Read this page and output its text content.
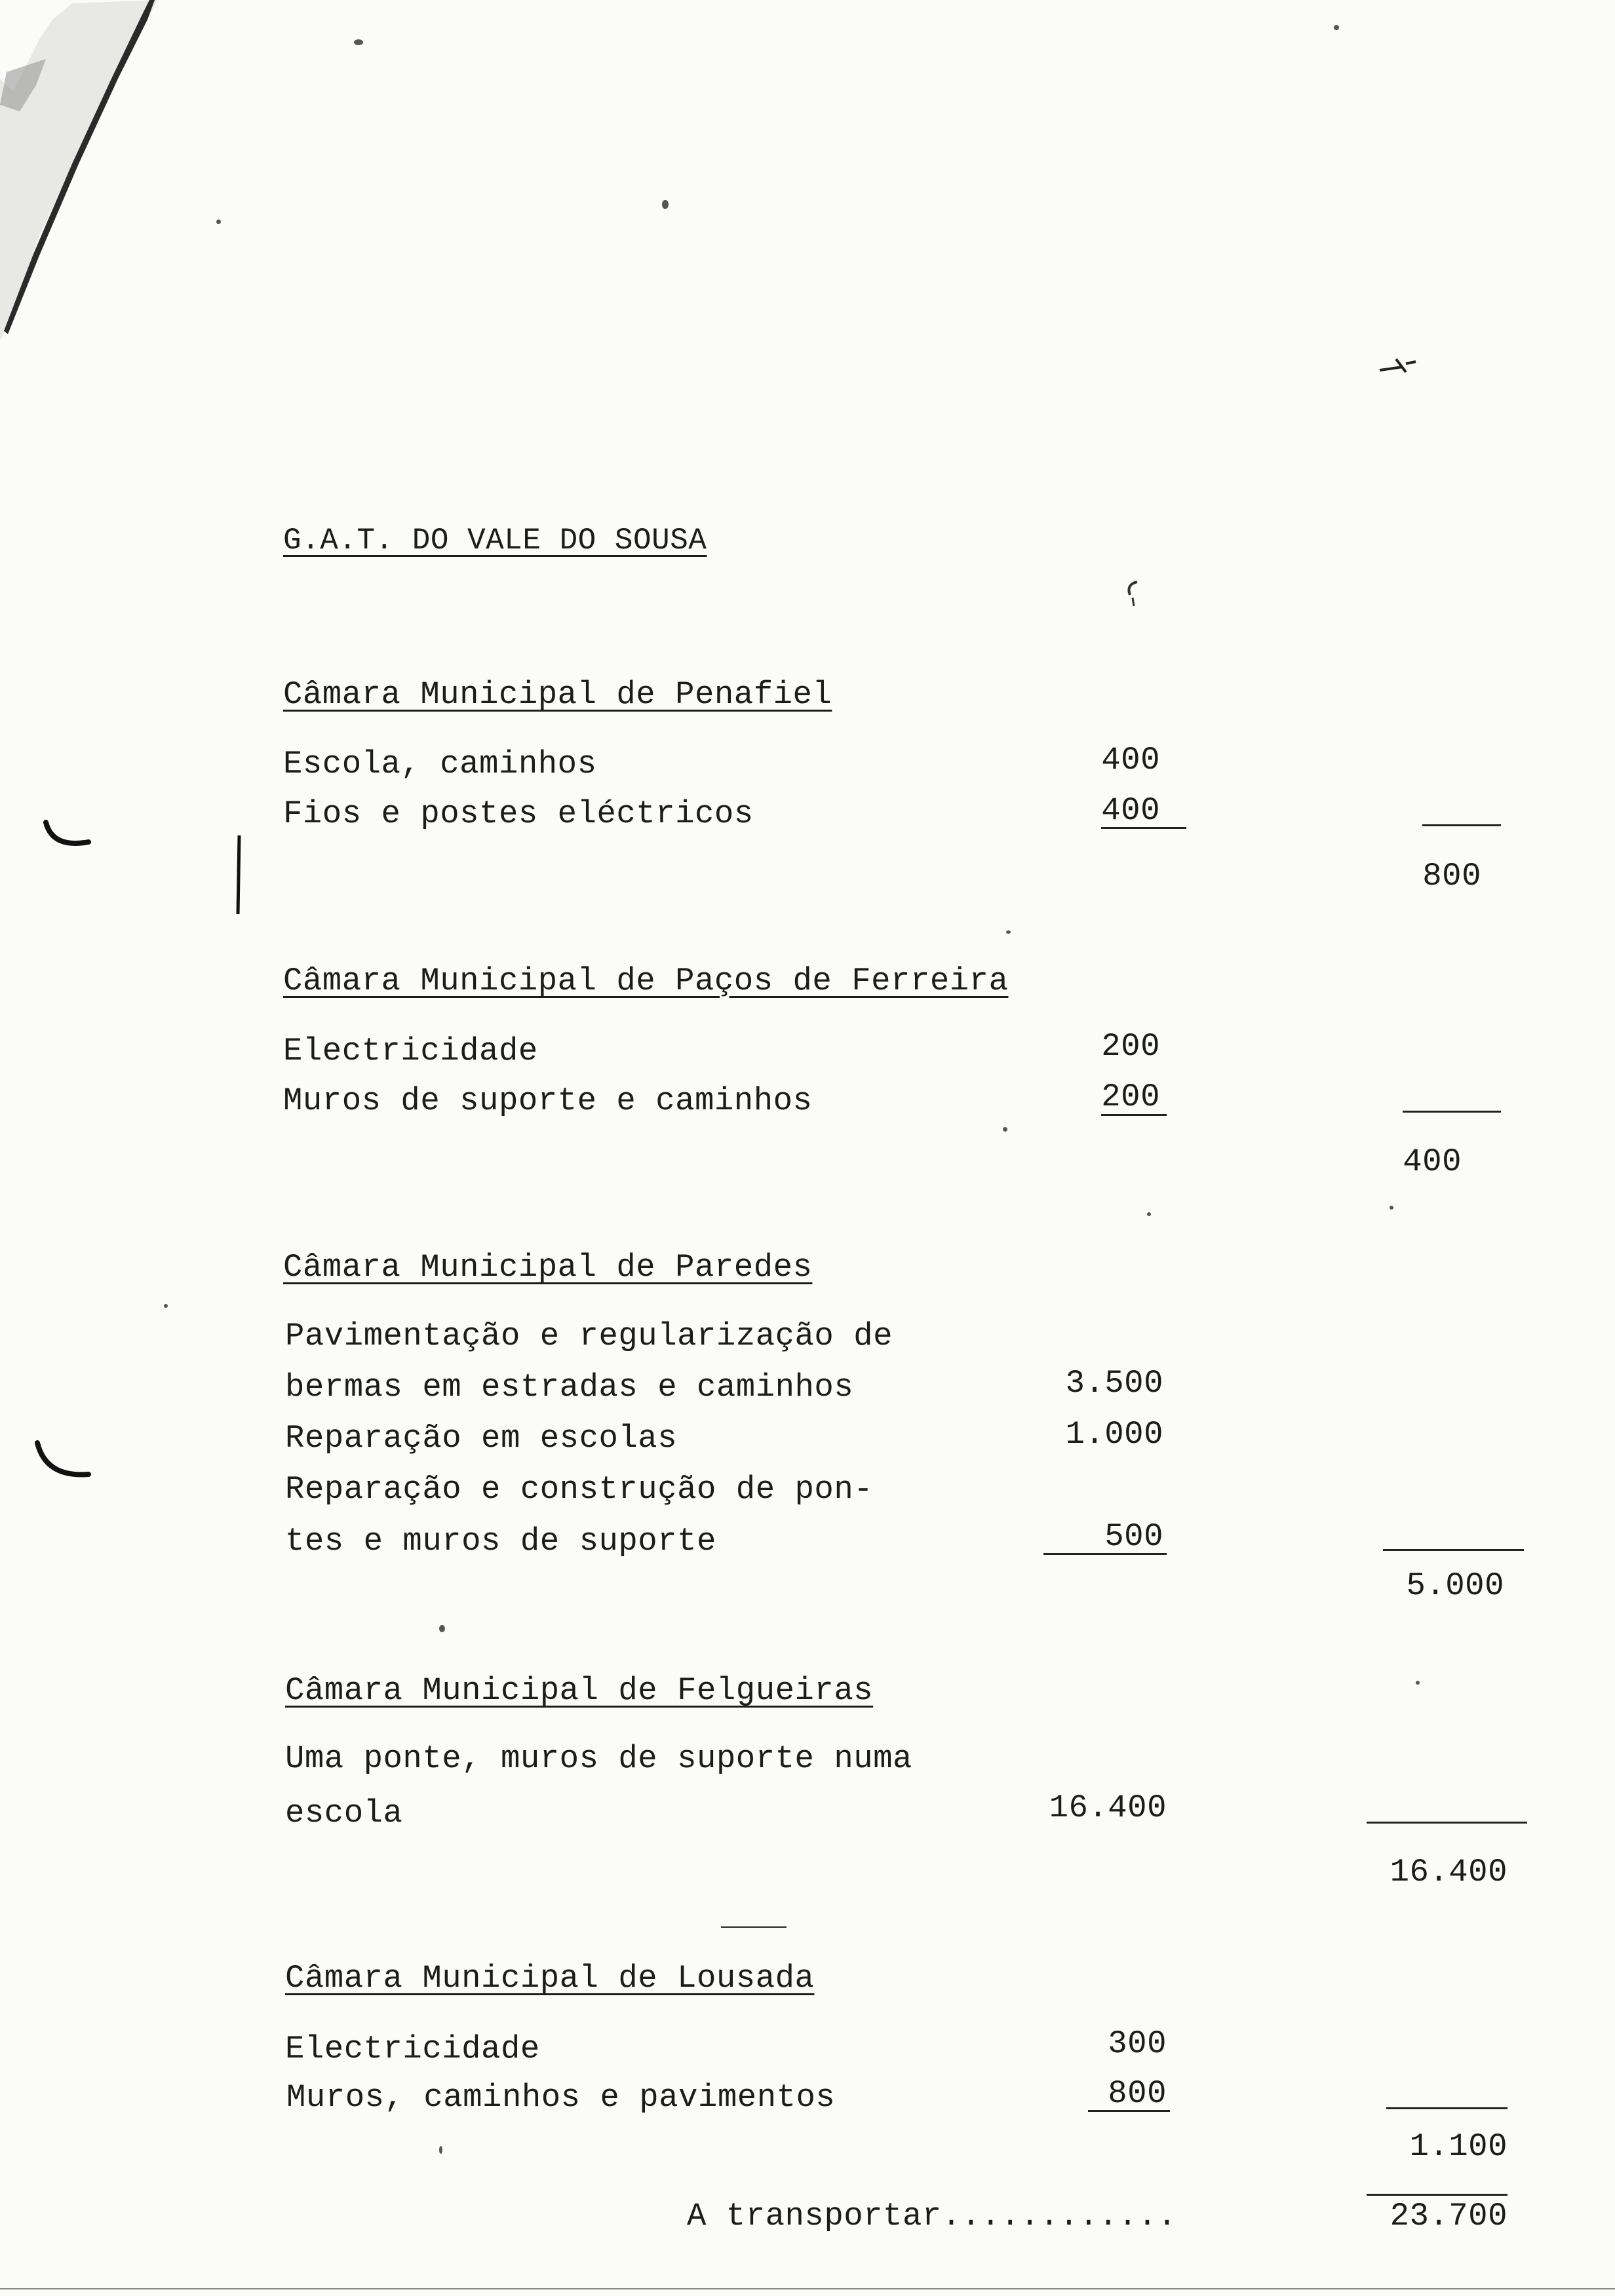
G.A.T. DO VALE DO SOUSA
Câmara Municipal de Penafiel
Escola, caminhos	400
Fios e postes eléctricos	400
800
Câmara Municipal de Paços de Ferreira
Electricidade	200
Muros de suporte e caminhos	200
400
Câmara Municipal de Paredes
Pavimentação e regularização de
bermas em estradas e caminhos	3.500
Reparação em escolas	1.000
Reparação e construção de pon-
tes e muros de suporte	500
5.000
Câmara Municipal de Felgueiras
Uma ponte, muros de suporte numa
escola	16.400
16.400
Câmara Municipal de Lousada
Electricidade	300
Muros, caminhos e pavimentos	800
1.100
A transportar............	23.700
